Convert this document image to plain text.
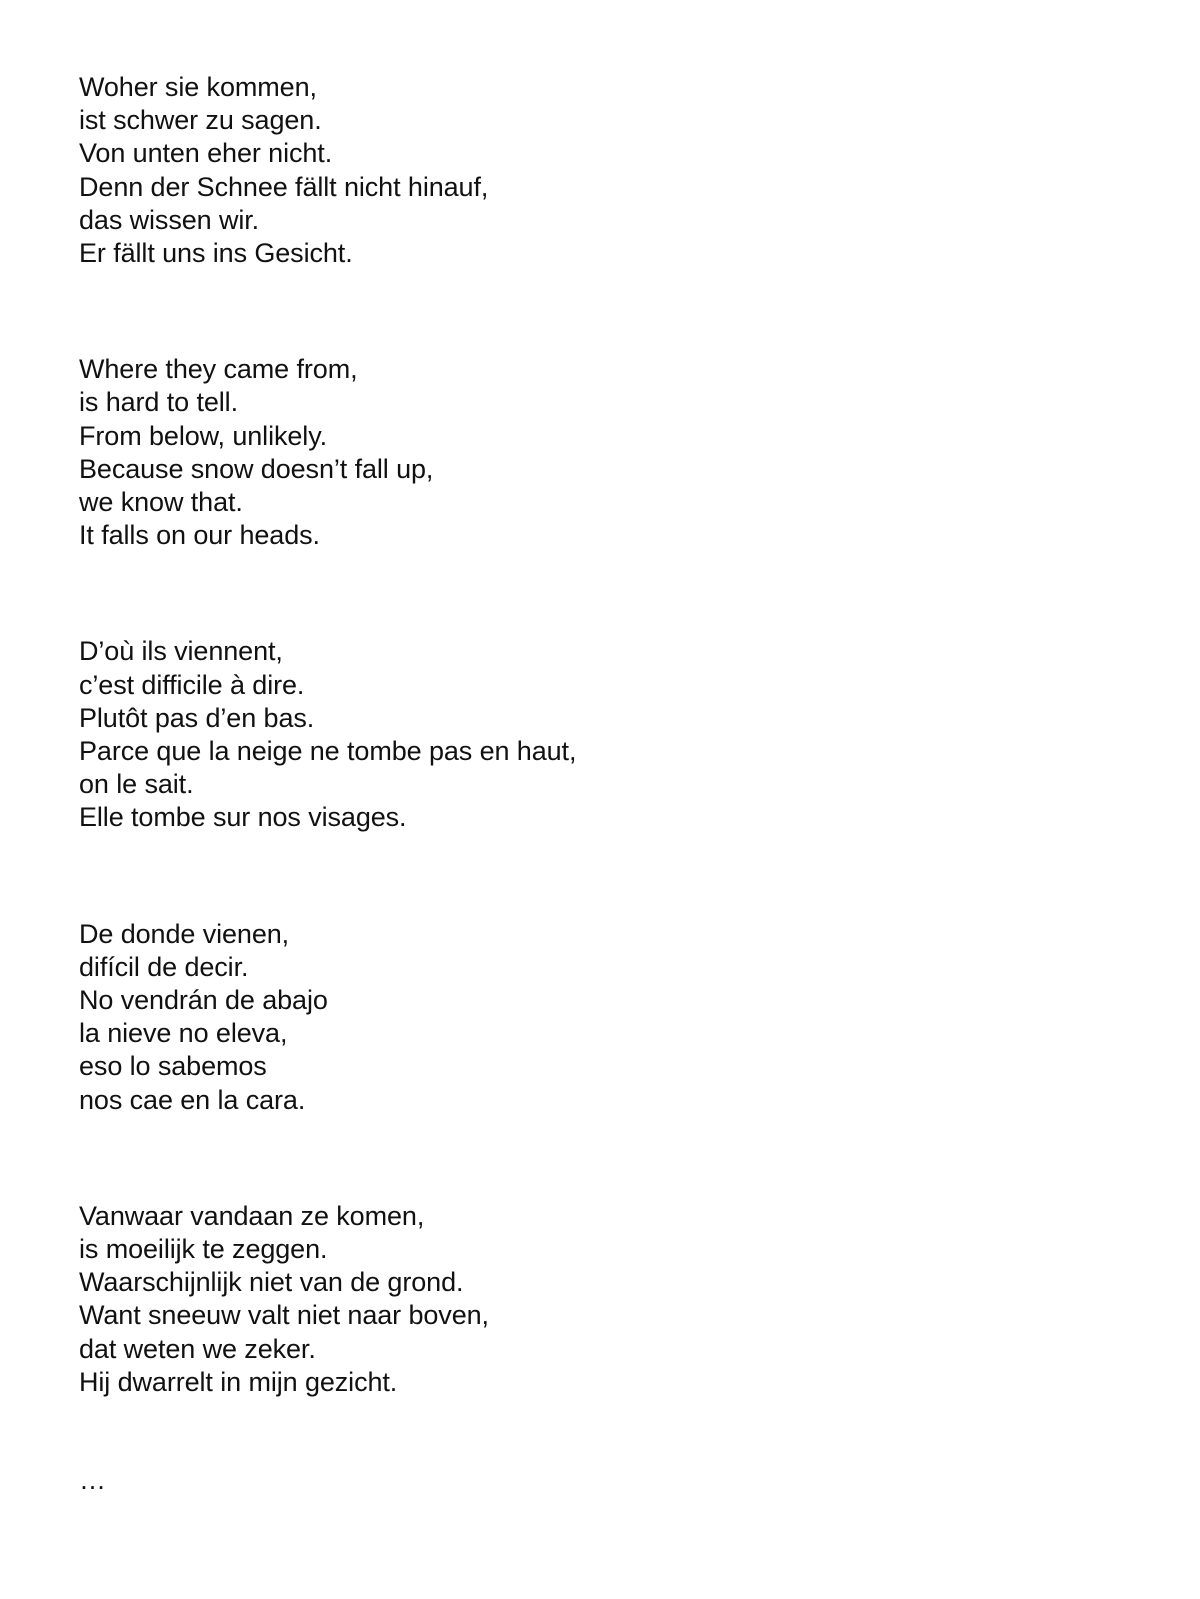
Woher sie kommen,
ist schwer zu sagen.
Von unten eher nicht.
Denn der Schnee fällt nicht hinauf,
das wissen wir.
Er fällt uns ins Gesicht.
Where they came from,
is hard to tell.
From below, unlikely.
Because snow doesn’t fall up,
we know that.
It falls on our heads.
D’où ils viennent,
c’est difficile à dire.
Plutôt pas d’en bas.
Parce que la neige ne tombe pas en haut,
on le sait.
Elle tombe sur nos visages.
De donde vienen,
difícil de decir.
No vendrán de abajo
la nieve no eleva,
eso lo sabemos
nos cae en la cara.
Vanwaar vandaan ze komen,
is moeilijk te zeggen.
Waarschijnlijk niet van de grond.
Want sneeuw valt niet naar boven,
dat weten we zeker.
Hij dwarrelt in mijn gezicht.
…
